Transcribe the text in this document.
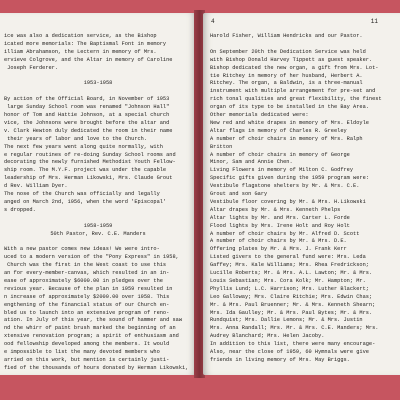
ice was also a dedication service, as the Bishop
icated more memorials: The Baptismal Font in memory
illiam Abrahamson, the Lectern in memory of Mrs.
ervieve Colgrove, and the Altar in memory of Caroline
Joseph Ferderer.
1953-1958
By action of the Official Board, in November of 1953
large Sunday School room was renamed "Johnson Hall"
honor of Tom and Hattie Johnson, at a special church
vice, the Johnsons were brought before the altar and
v. Clark Hewton duly dedicated the room in their name
their years of labor and love to the Church.
The next few years went along quite normally, with
e regular routines of re-doing Sunday School rooms and
decorating the newly furnished Methodist Youth Fellow-
ship room. The M.Y.F. project was under the capable
leadership of Mrs. Herman Likowski, Mrs. Claude Grout
d Rev. William Dyer.
The nose of the Church was officially and legally
anged on March 2nd, 1956, when the word 'Episcopal'
s dropped.
1958-1959
50th Pastor, Rev. C.E. Manders
With a new pastor comes new ideas! We were intro-
uced to a modern version of the "Pony Express" in 1958,
Church was the first in the West coast to use this
an for every-member-canvas, which resulted in an in-
ease of approximately $6000.00 in pledges over the
revious year. Because of the plan in 1959 resulted in
n increase of approximately $2000.00 over 1958. This
engthening of the financial status of our Church en-
bled us to launch into an extensive program of reno-
ation. In July of this year, the sound of hammer and saw
nd the whirr of paint brush marked the beginning of an
xtensive renovation program; a spirit of enthusiasm and
ood fellowship developed among the members. It would
e impossible to list the many devoted members who
arried on this work, but mention is certainly justi-
fied of the thousands of hours donated by Herman Likowski,
4	11
Harold Fisher, William Hendricks and our Pastor.
On September 20th the Dedication Service was held
with Bishop Donald Harvey Tippett as guest speaker.
Bishop dedicated the new organ, a gift from Mrs. Lot-
tie Ritchey in memory of her husband, Herbert A.
Ritchey. The organ, a Baldwin, is a three-manual
instrument with multiple arrangement for pre-set and
rich tonal qualities and great flexibility, the finest
organ of its type to be installed in the Bay Area.
Other memorials dedicated were:
New red and white drapes in memory of Mrs. Eldoyle
Altar flags in memory of Charles R. Greeley
A number of choir chairs in memory of Mrs. Ralph
Britton
A number of choir chairs in memory of George
Minor, Sam and Annie Chen.
Living Flowers in memory of Milton C. Godfrey
Specific gifts given during the 1959 program were:
Vestibule flagstone shelters by Mr. & Mrs. C.E.
Grout and son Gary
Vestibule floor covering by Mr. & Mrs. H.Likowski
Altar drapes by Mr. & Mrs. Kenneth Phelps
Altar lights by Mr. and Mrs. Carter L. Forde
Flood lights by Mrs. Irene Holt and Roy Holt
A number of choir chairs by Mr. Alfred D. Scott
A number of choir chairs by Mr. & Mrs. D.E.
Offering plates by Mr. & Mrs. J. Frank Kerr
Listed givers to the general fund were: Mrs. Leda
Gaffey; Mrs. Kale Williams; Mrs. Rhea Fredrickson;
Lucille Roberts; Mr. & Mrs. A.L. Lawton; Mr. & Mrs.
Louis Sebastian; Mrs. Cora Kolk; Mr. Hampton; Mr.
Phyllis Lund; L.C. Harrison; Mrs. Luther Blackert;
Leo Galloway; Mrs. Claire Ritchie; Mrs. Edwin Chas;
Mr. & Mrs. Paul Bruenner; Mr. & Mrs. Kenneth Shearn;
Mrs. Ida Gaulley; Mr. & Mrs. Paul Bytes; Mr. & Mrs.
Rundquist; Mrs. Dallie Lemons; Mr. & Mrs. Justin
Mrs. Anna Randall; Mrs. Mr. & Mrs. C.E. Manders; Mrs.
Audrey Blanchard; Mrs. Helen Jacoby.
In addition to this list, there were many encourage-
Also, near the close of 1959, 60 Hymnals were give
friends in living memory of Mrs. May Briggs.
